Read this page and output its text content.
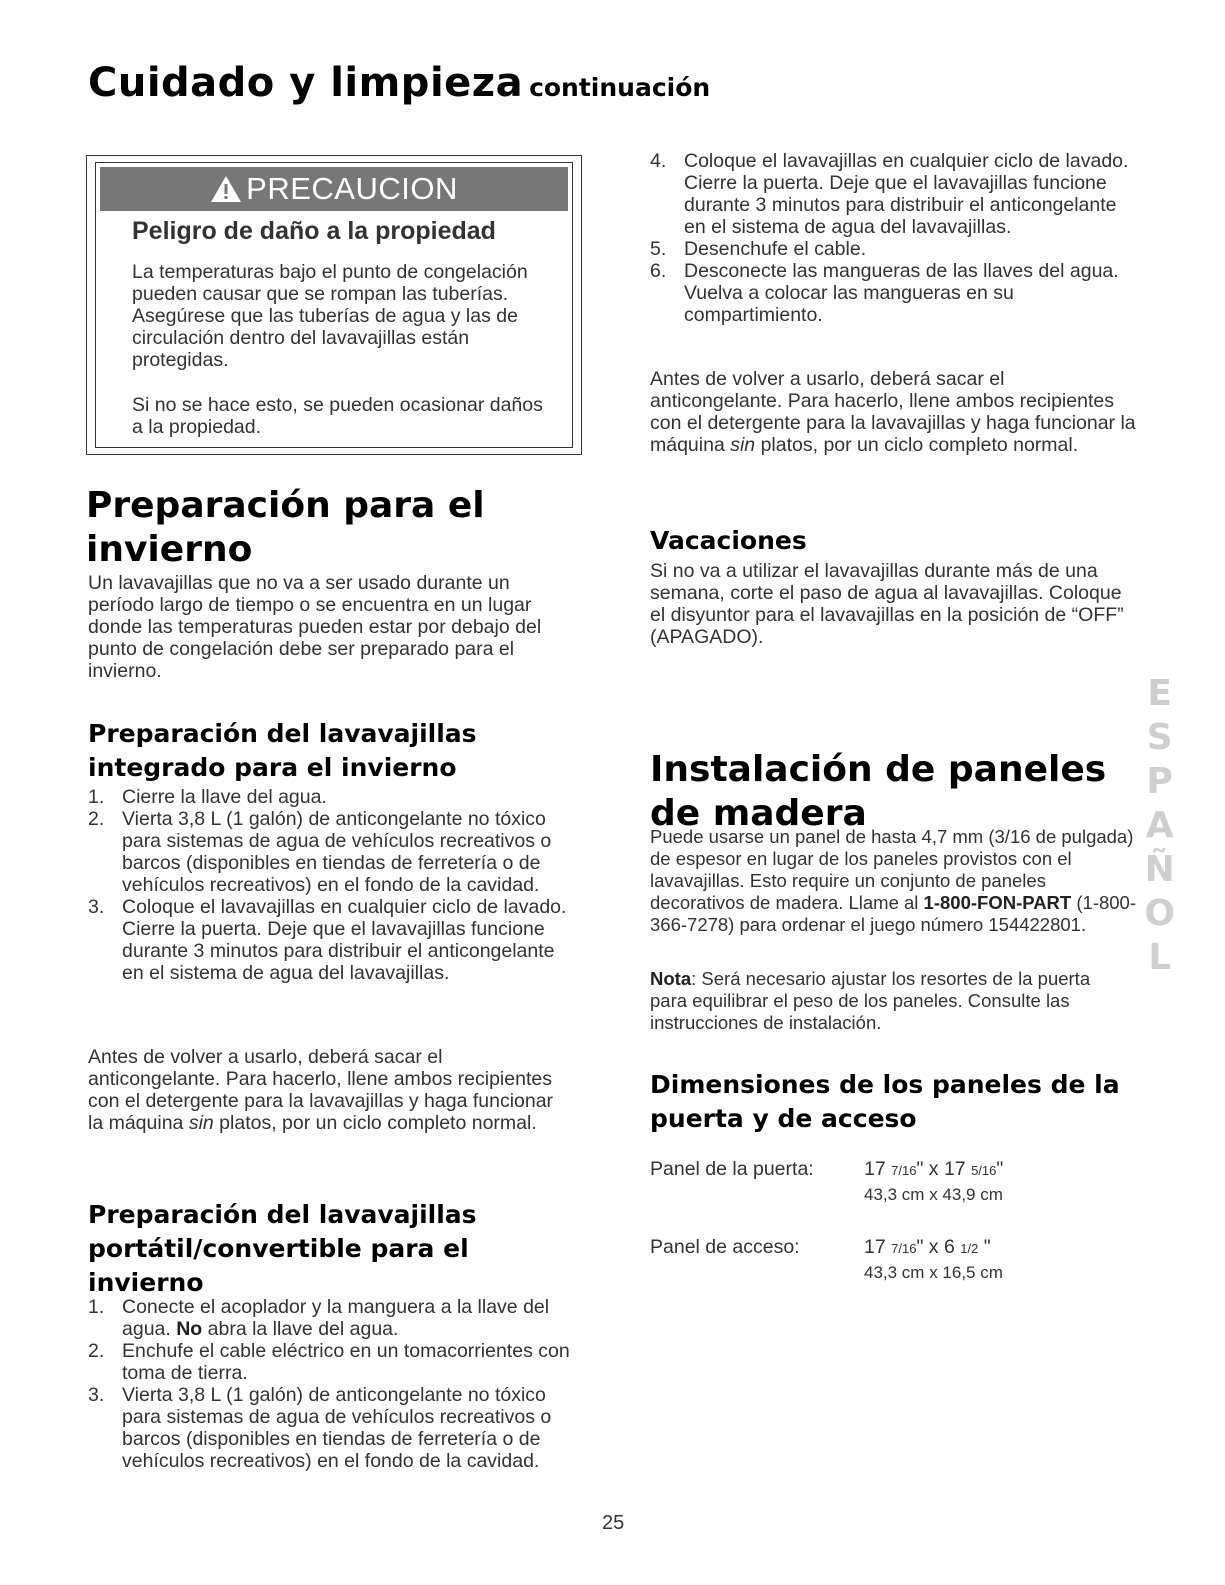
Cuidado y limpieza continuación
PRECAUCION
Peligro de daño a la propiedad

La temperaturas bajo el punto de congelación pueden causar que se rompan las tuberías. Asegúrese que las tuberías de agua y las de circulación dentro del lavavajillas están protegidas.

Si no se hace esto, se pueden ocasionar daños a la propiedad.

Preparación para el invierno

Un lavavajillas que no va a ser usado durante un período largo de tiempo o se encuentra en un lugar donde las temperaturas pueden estar por debajo del punto de congelación debe ser preparado para el invierno.

Preparación del lavavajillas integrado para el invierno
1. Cierre la llave del agua.
2. Vierta 3,8 L (1 galón) de anticongelante no tóxico para sistemas de agua de vehículos recreativos o barcos (disponibles en tiendas de ferretería o de vehículos recreativos) en el fondo de la cavidad.
3. Coloque el lavavajillas en cualquier ciclo de lavado. Cierre la puerta. Deje que el lavavajillas funcione durante 3 minutos para distribuir el anticongelante en el sistema de agua del lavavajillas.

Antes de volver a usarlo, deberá sacar el anticongelante. Para hacerlo, llene ambos recipientes con el detergente para la lavavajillas y haga funcionar la máquina sin platos, por un ciclo completo normal.

Preparación del lavavajillas portátil/convertible para el invierno
1. Conecte el acoplador y la manguera a la llave del agua. No abra la llave del agua.
2. Enchufe el cable eléctrico en un tomacorrientes con toma de tierra.
3. Vierta 3,8 L (1 galón) de anticongelante no tóxico para sistemas de agua de vehículos recreativos o barcos (disponibles en tiendas de ferretería o de vehículos recreativos) en el fondo de la cavidad.
4. Coloque el lavavajillas en cualquier ciclo de lavado. Cierre la puerta. Deje que el lavavajillas funcione durante 3 minutos para distribuir el anticongelante en el sistema de agua del lavavajillas.
5. Desenchufe el cable.
6. Desconecte las mangueras de las llaves del agua. Vuelva a colocar las mangueras en su compartimiento.

Antes de volver a usarlo, deberá sacar el anticongelante. Para hacerlo, llene ambos recipientes con el detergente para la lavavajillas y haga funcionar la máquina sin platos, por un ciclo completo normal.

Vacaciones

Si no va a utilizar el lavavajillas durante más de una semana, corte el paso de agua al lavavajillas. Coloque el disyuntor para el lavavajillas en la posición de “OFF” (APAGADO).

E
S
P
A
Ñ
O
L
Instalación de paneles de madera

Puede usarse un panel de hasta 4,7 mm (3/16 de pulgada) de espesor en lugar de los paneles provistos con el lavavajillas. Esto require un conjunto de paneles decorativos de madera. Llame al 1-800-FON-PART (1-800-366-7278) para ordenar el juego número 154422801.

Nota: Será necesario ajustar los resortes de la puerta para equilibrar el peso de los paneles. Consulte las instrucciones de instalación.

Dimensiones de los paneles de la puerta y de acceso
Panel de la puerta:	17 7/16" x 17 5/16"
43,3 cm x 43,9 cm
Panel de acceso:	17 7/16" x 6 1/2 "
43,3 cm x 16,5 cm
25
